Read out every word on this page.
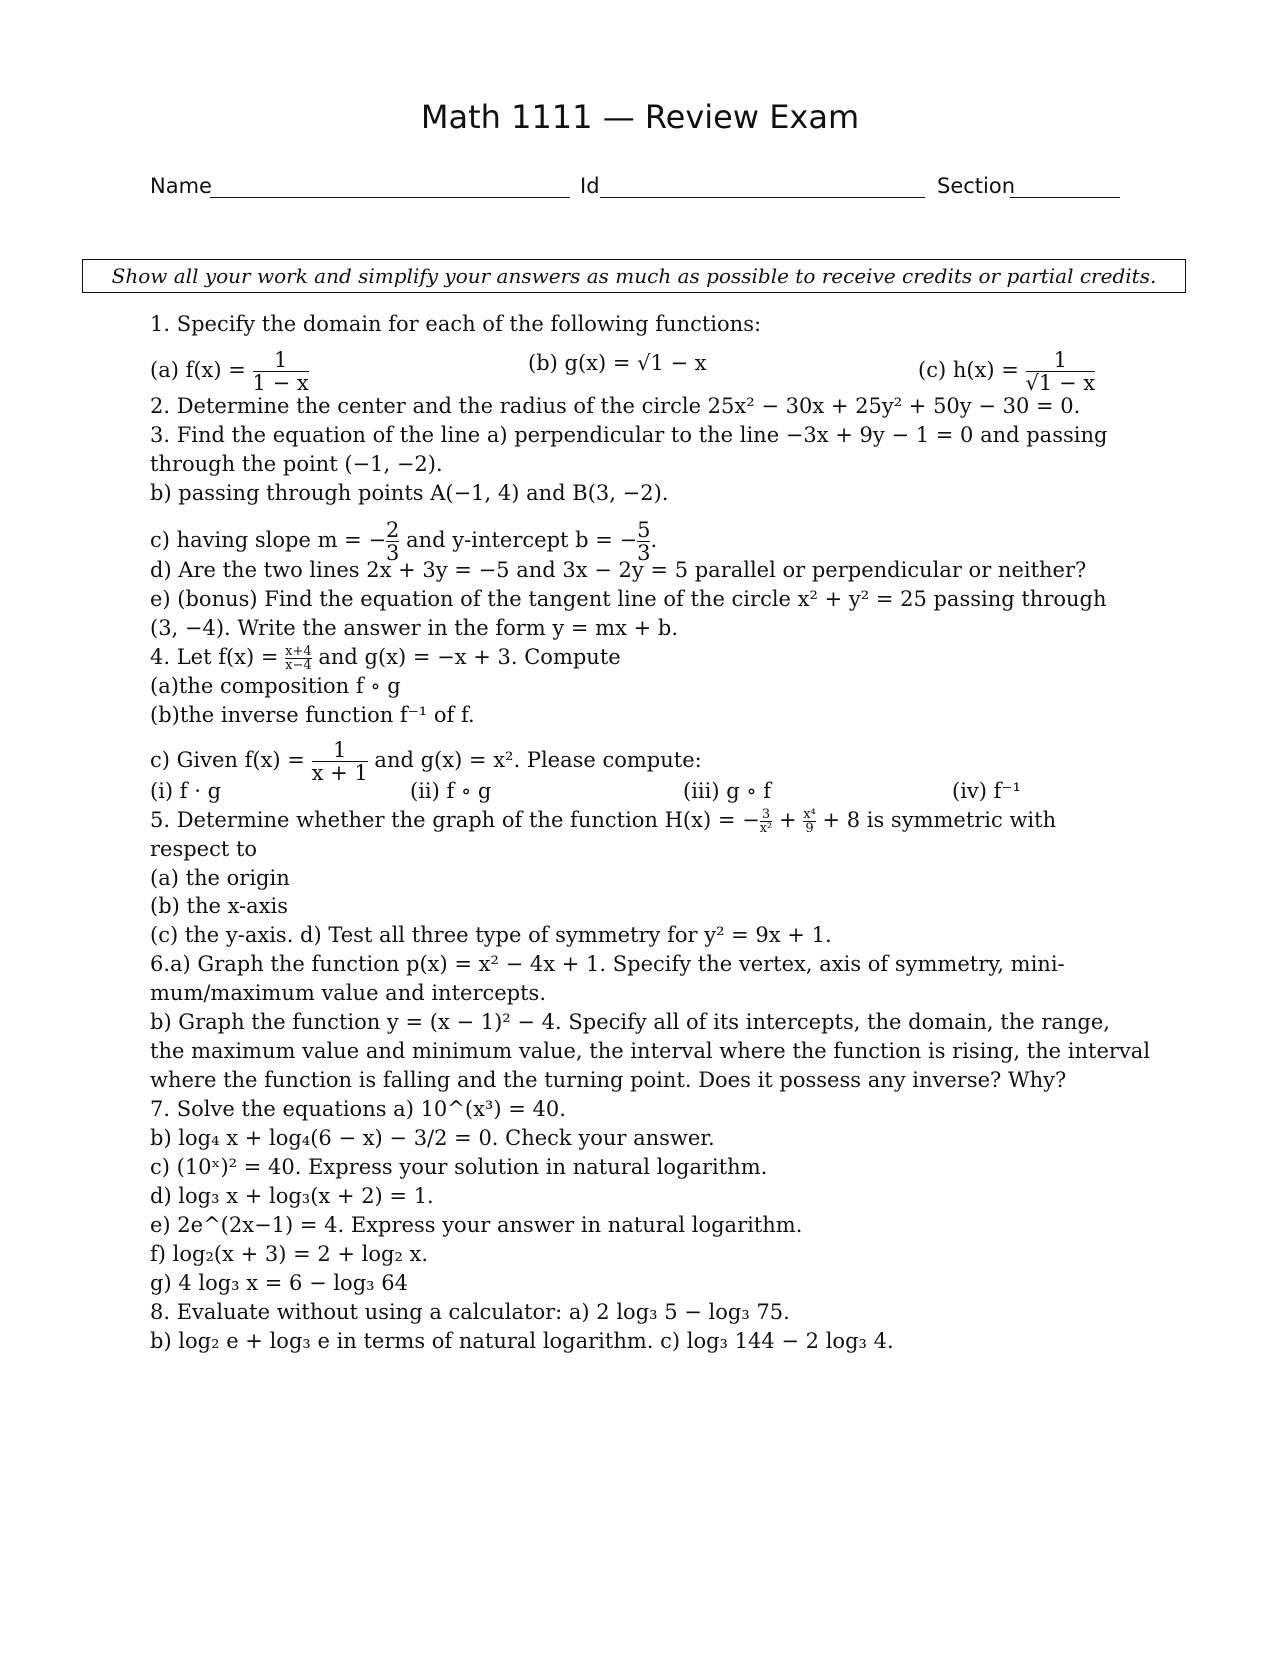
Math 1111 — Review Exam
Name	Id	Section
Show all your work and simplify your answers as much as possible to receive credits or partial credits.
1. Specify the domain for each of the following functions:
(a) $f(x) = \frac{1}{1 - x}$	(b) g(x) = √1 − x	(c) $h(x) = \frac{1}{√1 - x}$
2. Determine the center and the radius of the circle 25x² − 30x + 25y² + 50y − 30 = 0.
3. Find the equation of the line a) perpendicular to the line −3x + 9y − 1 = 0 and passing
through the point (−1, −2).
b) passing through points A(−1, 4) and B(3, −2).
c) having slope m = − $\frac{2}{3}$ and y-intercept b = − $\frac{5}{3}$ .
d) Are the two lines 2x + 3y = −5 and 3x − 2y = 5 parallel or perpendicular or neither?
e) (bonus) Find the equation of the tangent line of the circle x² + y² = 25 passing through
(3, −4). Write the answer in the form y = mx + b.
4. Let $f(x) = \frac{x+4}{x-4}$ and g(x) = −x + 3. Compute
(a)the composition f ∘ g
(b)the inverse function f⁻¹ of f.
c) Given $f(x) = \frac{1}{x + 1}$ and g(x) = x². Please compute:
(i) f · g	(ii) f ∘ g	(iii) g ∘ f	(iv) f⁻¹
5. Determine whether the graph of the function H(x) = − $\frac{3}{\text{x²}} + \frac{\text{x⁴}}{9} + 8$ is symmetric with
respect to
(a) the origin
(b) the x-axis
(c) the y-axis. d) Test all three type of symmetry for y² = 9x + 1.
6.a) Graph the function p(x) = x² − 4x + 1. Specify the vertex, axis of symmetry, mini-
mum/maximum value and intercepts.
b) Graph the function y = (x − 1)² − 4. Specify all of its intercepts, the domain, the range,
the maximum value and minimum value, the interval where the function is rising, the interval
where the function is falling and the turning point. Does it possess any inverse? Why?
7. Solve the equations a) 10^(x³) = 40.
b) log₄ x + log₄(6 − x) − 3/2 = 0. Check your answer.
c) (10ˣ)² = 40. Express your solution in natural logarithm.
d) log₃ x + log₃(x + 2) = 1.
e) 2e^(2x−1) = 4. Express your answer in natural logarithm.
f) log₂(x + 3) = 2 + log₂ x.
g) 4 log₃ x = 6 − log₃ 64
8. Evaluate without using a calculator: a) 2 log₃ 5 − log₃ 75.
b) log₂ e + log₃ e in terms of natural logarithm. c) log₃ 144 − 2 log₃ 4.
